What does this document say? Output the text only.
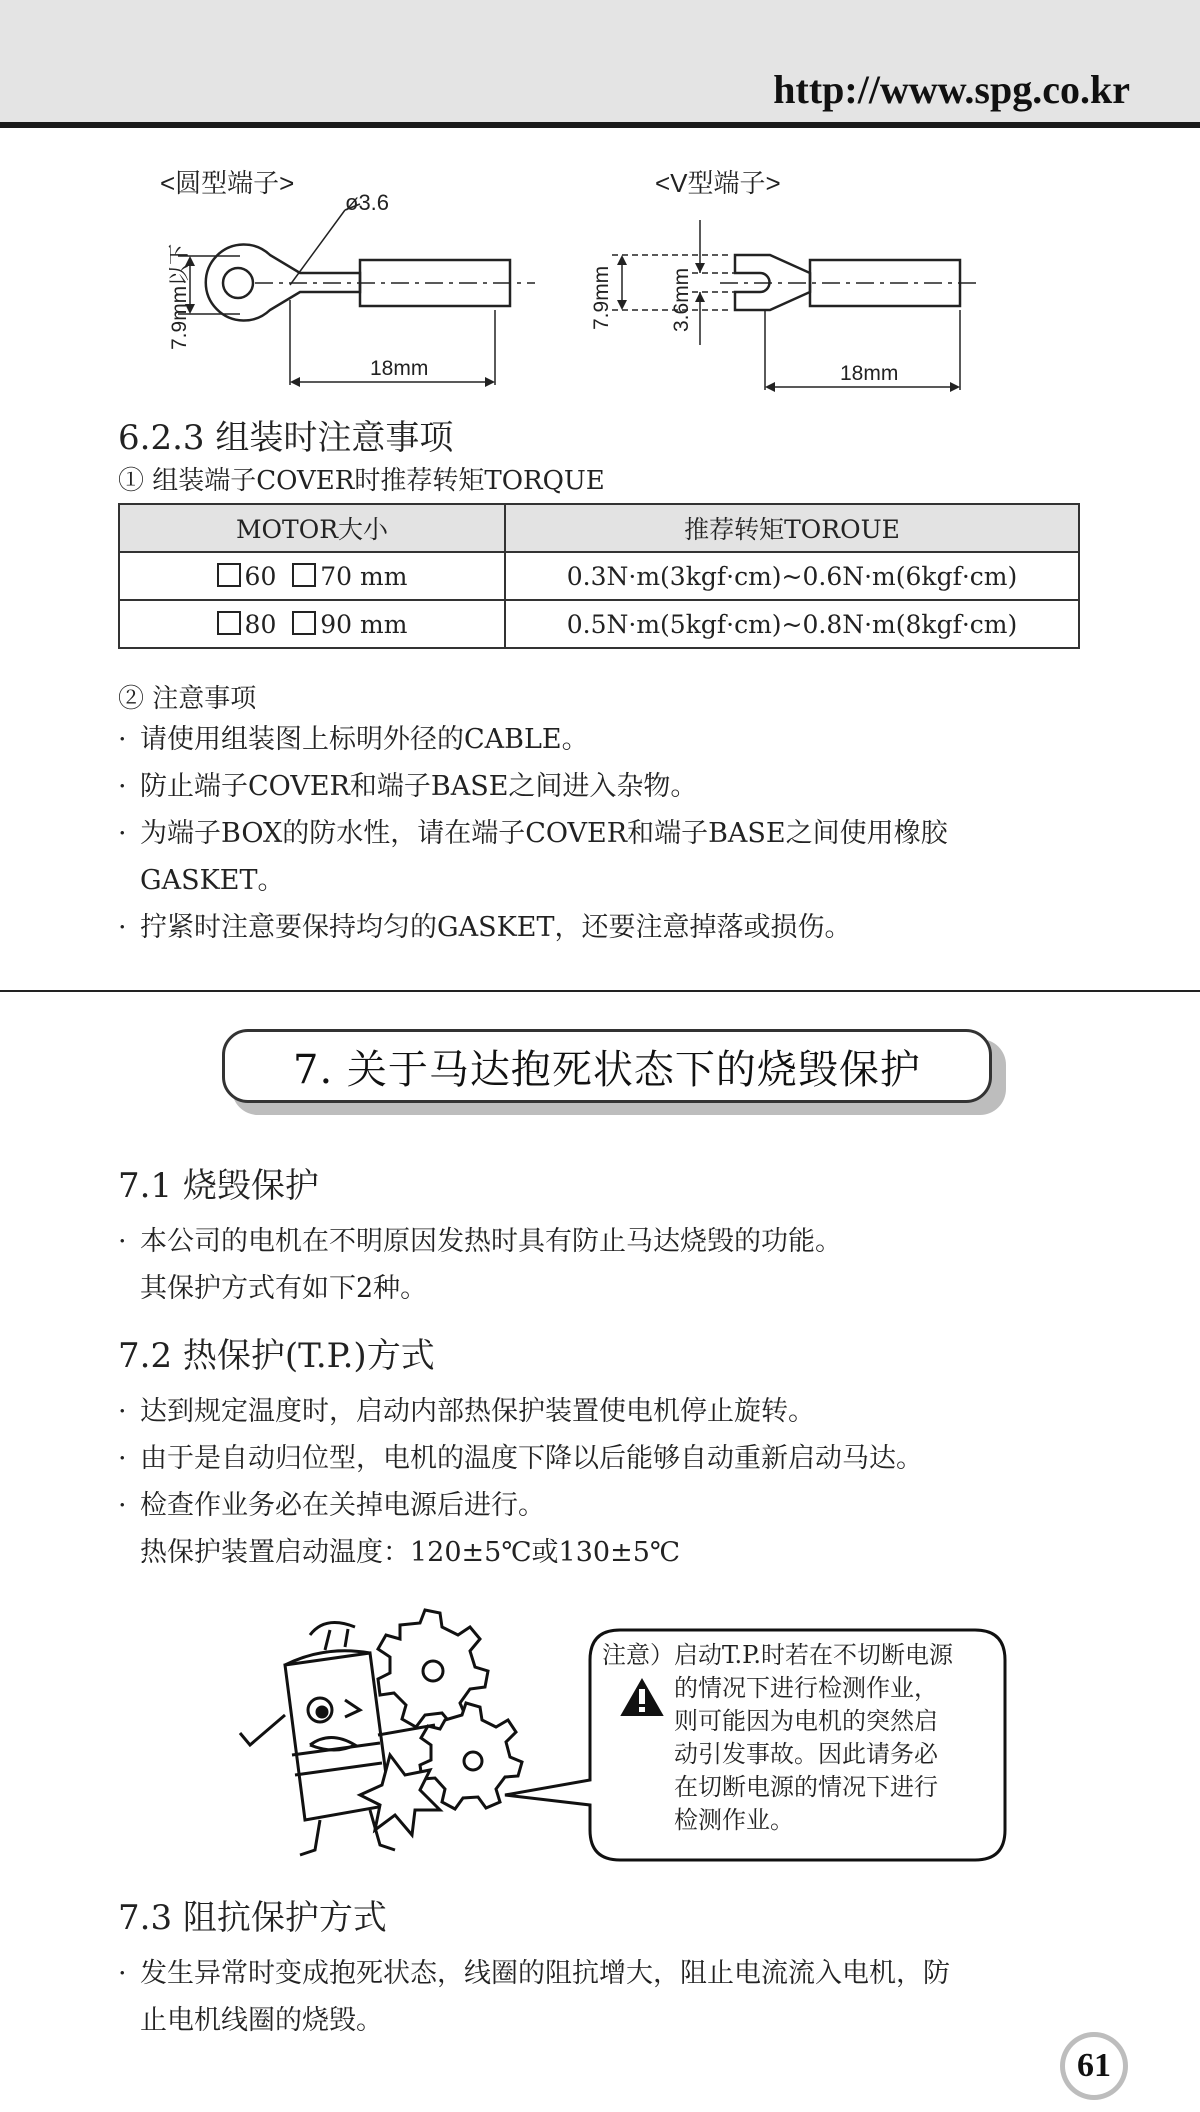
http://www.spg.co.kr
<圆型端子>
ø3.6
7.9mm以下
18mm
<V型端子>
7.9mm	3.6mm
18mm
6.2.3 组装时注意事项
① 组装端子COVER时推荐转矩TORQUE
MOTOR大小	推荐转矩TOROUE
60 70 mm	0.3N·m(3kgf·cm)~0.6N·m(6kgf·cm)
80 90 mm	0.5N·m(5kgf·cm)~0.8N·m(8kgf·cm)
② 注意事项
· 请使用组装图上标明外径的CABLE。
· 防止端子COVER和端子BASE之间进入杂物。
· 为端子BOX的防水性，请在端子COVER和端子BASE之间使用橡胶
GASKET。
· 拧紧时注意要保持均匀的GASKET，还要注意掉落或损伤。
7. 关于马达抱死状态下的烧毁保护
7.1 烧毁保护
· 本公司的电机在不明原因发热时具有防止马达烧毁的功能。
其保护方式有如下2种。
7.2 热保护(T.P.)方式
· 达到规定温度时，启动内部热保护装置使电机停止旋转。
· 由于是自动归位型，电机的温度下降以后能够自动重新启动马达。
· 检查作业务必在关掉电源后进行。
热保护装置启动温度：120±5℃或130±5℃
注意） 启动T.P.时若在不切断电源
的情况下进行检测作业，
则可能因为电机的突然启
动引发事故。因此请务必
在切断电源的情况下进行
检测作业。
7.3 阻抗保护方式
· 发生异常时变成抱死状态，线圈的阻抗增大，阻止电流流入电机，防
止电机线圈的烧毁。
61
